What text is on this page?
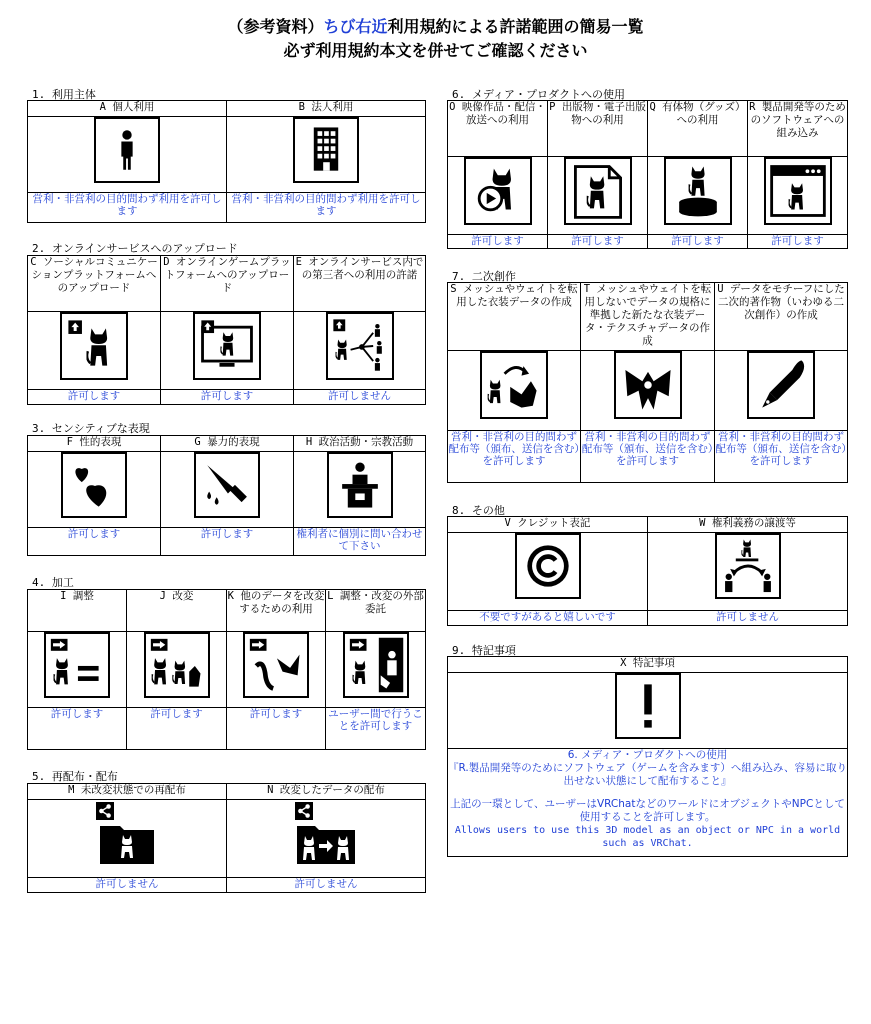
（参考資料）ちび右近利用規約による許諾範囲の簡易一覧
必ず利用規約本文を併せてご確認ください
1. 利用主体
A 個人利用	B 法人利用

営利・非営利の目的問わず利用を許可します	営利・非営利の目的問わず利用を許可します
2. オンラインサービスへのアップロード
C ソーシャルコミュニケーションプラットフォームへのアップロード	D オンラインゲームプラットフォームへのアップロード	E オンラインサービス内での第三者への利用の許諾

許可します	許可します	許可しません
3. センシティブな表現
F 性的表現	G 暴力的表現	H 政治活動・宗教活動

許可します	許可します	権利者に個別に問い合わせて下さい
4. 加工
I 調整	J 改変	K 他のデータを改変するための利用	L 調整・改変の外部委託

許可します	許可します	許可します	ユーザー間で行うことを許可します
5. 再配布・配布
M 未改変状態での再配布	N 改変したデータの配布

許可しません	許可しません
6. メディア・プロダクトへの使用
O 映像作品・配信・放送への利用	P 出版物・電子出版物への利用	Q 有体物（グッズ）への利用	R 製品開発等のためのソフトウェアへの組み込み

許可します	許可します	許可します	許可します
7. 二次創作
S メッシュやウェイトを転用した衣装データの作成	T メッシュやウェイトを転用しないでデータの規格に準拠した新たな衣装データ・テクスチャデータの作成	U データをモチーフにした二次的著作物（いわゆる二次創作）の作成

営利・非営利の目的問わず配布等（頒布、送信を含む）を許可します	営利・非営利の目的問わず配布等（頒布、送信を含む）を許可します	営利・非営利の目的問わず配布等（頒布、送信を含む）を許可します
8. その他
V クレジット表記	W 権利義務の譲渡等

不要ですがあると嬉しいです	許可しません
9. 特記事項
X 特記事項

6. メディア・プロダクトへの使用
『R.製品開発等のためにソフトウェア（ゲームを含みます）へ組み込み、容易に取り出せない状態にして配布すること』
上記の一環として、ユーザーはVRChatなどのワールドにオブジェクトやNPCとして使用することを許可します。
Allows users to use this 3D model as an object or NPC in a world such as VRChat.
